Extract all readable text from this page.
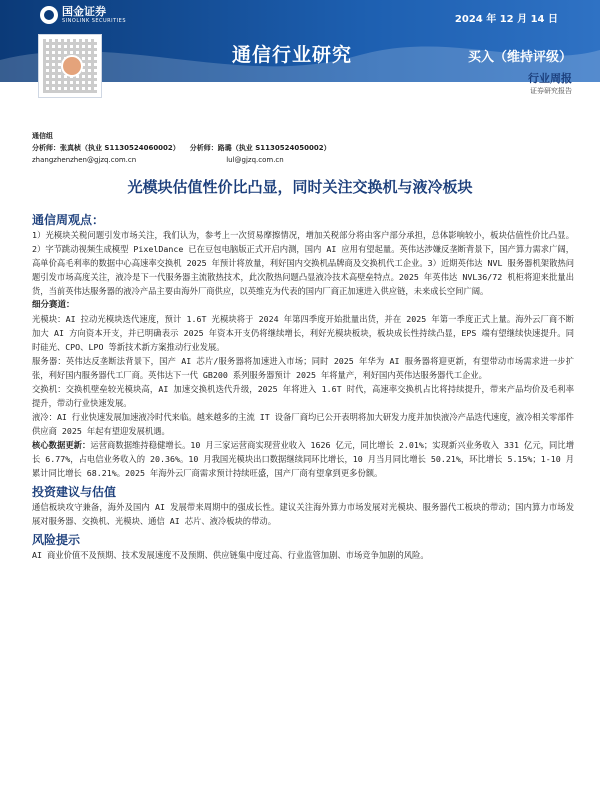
国金证券
SINOLINK SECURITIES	2024 年 12 月 14 日
通信行业研究	买入（维持评级）
行业周报
证券研究报告
通信组
分析师：张真桢（执业 S1130524060002） 分析师：路璐（执业 S1130524050002）
zhangzhenzhen@gjzq.com.cn	lul@gjzq.com.cn
光模块估值性价比凸显，同时关注交换机与液冷板块
通信周观点：
1）光模块关税问题引发市场关注，我们认为，参考上一次贸易摩擦情况，增加关税部分将由客户部分承担，总体影响较小，板块估值性价比凸显。2）字节跳动视频生成模型 PixelDance 已在豆包电脑版正式开启内测，国内 AI 应用有望起量。英伟达涉嫌反垄断背景下，国产算力需求广阔，高单价高毛利率的数据中心高速率交换机 2025 年预计将放量，利好国内交换机品牌商及交换机代工企业。3）近期英伟达 NVL 服务器机架散热问题引发市场高度关注，液冷是下一代服务器主流散热技术，此次散热问题凸显液冷技术高壁垒特点。2025 年英伟达 NVL36/72 机柜将迎来批量出货，当前英伟达服务器的液冷产品主要由海外厂商供应，以英维克为代表的国内厂商正加速进入供应链，未来成长空间广阔。
细分赛道：
光模块：AI 拉动光模块迭代速度，预计 1.6T 光模块将于 2024 年第四季度开始批量出货，并在 2025 年第一季度正式上量。海外云厂商不断加大 AI 方向资本开支，并已明确表示 2025 年资本开支仍将继续增长，利好光模块板块，板块成长性持续凸显，EPS 端有望继续快速提升。同时硅光、CPO、LPO 等新技术新方案推动行业发展。
服务器：英伟达反垄断法背景下，国产 AI 芯片/服务器将加速进入市场；同时 2025 年华为 AI 服务器将迎更新，有望带动市场需求进一步扩张，利好国内服务器代工厂商。英伟达下一代 GB200 系列服务器预计 2025 年将量产，利好国内英伟达服务器代工企业。
交换机：交换机壁垒较光模块高，AI 加速交换机迭代升级，2025 年将进入 1.6T 时代，高速率交换机占比将持续提升，带来产品均价及毛利率提升，带动行业快速发展。
液冷：AI 行业快速发展加速液冷时代来临。越来越多的主流 IT 设备厂商均已公开表明将加大研发力度并加快液冷产品迭代速度，液冷相关零部件供应商 2025 年起有望迎发展机遇。
核心数据更新：运营商数据维持稳健增长。10 月三家运营商实现营业收入 1626 亿元，同比增长 2.01%；实现新兴业务收入 331 亿元，同比增长 6.77%，占电信业务收入的 20.36%。10 月我国光模块出口数据继续同环比增长，10 月当月同比增长 50.21%，环比增长 5.15%；1-10 月累计同比增长 68.21%。2025 年海外云厂商需求预计持续旺盛，国产厂商有望拿到更多份额。
投资建议与估值
通信板块攻守兼备，海外及国内 AI 发展带来周期中的强成长性。建议关注海外算力市场发展对光模块、服务器代工板块的带动；国内算力市场发展对服务器、交换机、光模块、通信 AI 芯片、液冷板块的带动。
风险提示
AI 商业价值不及预期、技术发展速度不及预期、供应链集中度过高、行业监管加剧、市场竞争加剧的风险。
